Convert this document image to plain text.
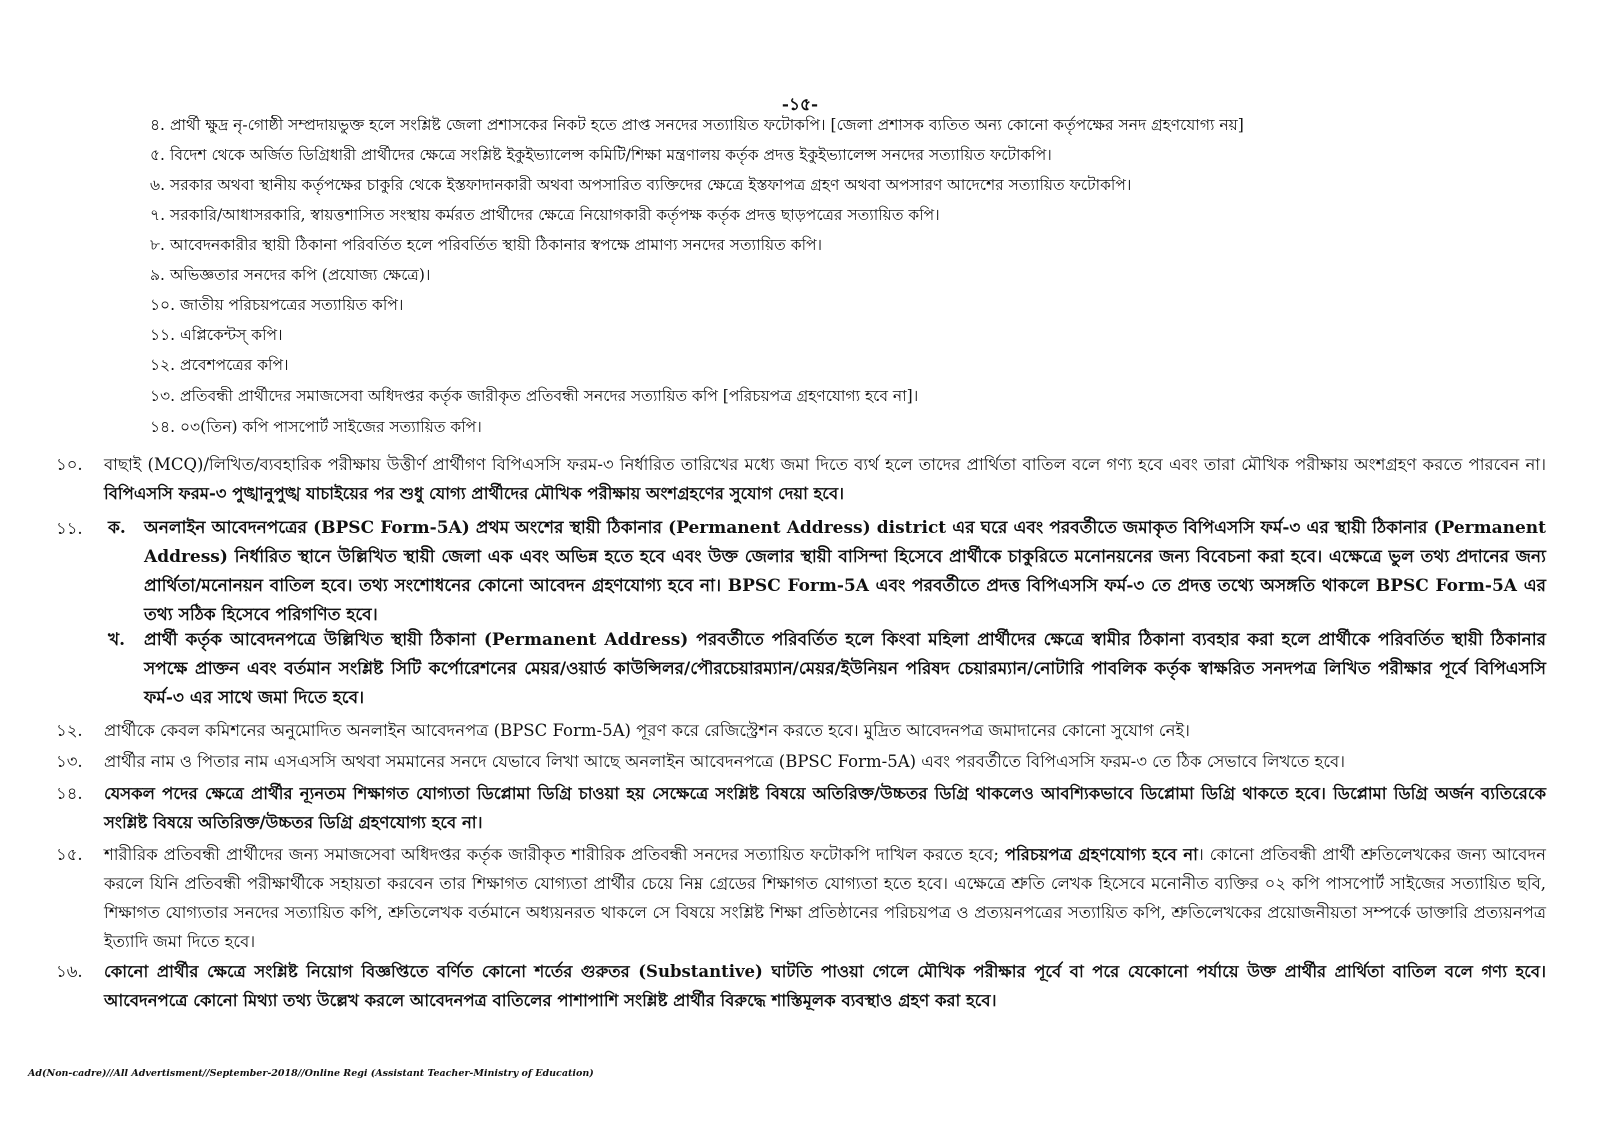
-১৫-
৪. প্রার্থী ক্ষুদ্র নৃ-গোষ্ঠী সম্প্রদায়ভুক্ত হলে সংশ্লিষ্ট জেলা প্রশাসকের নিকট হতে প্রাপ্ত সনদের সত্যায়িত ফটোকপি। [জেলা প্রশাসক ব্যতিত অন্য কোনো কর্তৃপক্ষের সনদ গ্রহণযোগ্য নয়]
৫. বিদেশ থেকে অর্জিত ডিগ্রিধারী প্রার্থীদের ক্ষেত্রে সংশ্লিষ্ট ইকুইভ্যালেন্স কমিটি/শিক্ষা মন্ত্রণালয় কর্তৃক প্রদত্ত ইকুইভ্যালেন্স সনদের সত্যায়িত ফটোকপি।
৬. সরকার অথবা স্থানীয় কর্তৃপক্ষের চাকুরি থেকে ইস্তফাদানকারী অথবা অপসারিত ব্যক্তিদের ক্ষেত্রে ইস্তফাপত্র গ্রহণ অথবা অপসারণ আদেশের সত্যায়িত ফটোকপি।
৭. সরকারি/আধাসরকারি, স্বায়ত্তশাসিত সংস্থায় কর্মরত প্রার্থীদের ক্ষেত্রে নিয়োগকারী কর্তৃপক্ষ কর্তৃক প্রদত্ত ছাড়পত্রের সত্যায়িত কপি।
৮. আবেদনকারীর স্থায়ী ঠিকানা পরিবর্তিত হলে পরিবর্তিত স্থায়ী ঠিকানার স্বপক্ষে প্রামাণ্য সনদের সত্যায়িত কপি।
৯. অভিজ্ঞতার সনদের কপি (প্রযোজ্য ক্ষেত্রে)।
১০. জাতীয় পরিচয়পত্রের সত্যায়িত কপি।
১১. এপ্লিকেন্টস্ কপি।
১২. প্রবেশপত্রের কপি।
১৩. প্রতিবন্ধী প্রার্থীদের সমাজসেবা অধিদপ্তর কর্তৃক জারীকৃত প্রতিবন্ধী সনদের সত্যায়িত কপি [পরিচয়পত্র গ্রহণযোগ্য হবে না]।
১৪. ০৩(তিন) কপি পাসপোর্ট সাইজের সত্যায়িত কপি।
১০. বাছাই (MCQ)/লিখিত/ব্যবহারিক পরীক্ষায় উত্তীর্ণ প্রার্থীগণ বিপিএসসি ফরম-৩ নির্ধারিত তারিখের মধ্যে জমা দিতে ব্যর্থ হলে তাদের প্রার্থিতা বাতিল বলে গণ্য হবে এবং তারা মৌখিক পরীক্ষায় অংশগ্রহণ করতে পারবেন না। বিপিএসসি ফরম-৩ পুঙ্খানুপুঙ্খ যাচাইয়ের পর শুধু যোগ্য প্রার্থীদের মৌখিক পরীক্ষায় অংশগ্রহণের সুযোগ দেয়া হবে।
১১. ক. অনলাইন আবেদনপত্রের (BPSC Form-5A) প্রথম অংশের স্থায়ী ঠিকানার (Permanent Address) district এর ঘরে এবং পরবর্তীতে জমাকৃত বিপিএসসি ফর্ম-৩ এর স্থায়ী ঠিকানার (Permanent Address) নির্ধারিত স্থানে উল্লিখিত স্থায়ী জেলা এক এবং অভিন্ন হতে হবে এবং উক্ত জেলার স্থায়ী বাসিন্দা হিসেবে প্রার্থীকে চাকুরিতে মনোনয়নের জন্য বিবেচনা করা হবে। এক্ষেত্রে ভুল তথ্য প্রদানের জন্য প্রার্থিতা/মনোনয়ন বাতিল হবে। তথ্য সংশোধনের কোনো আবেদন গ্রহণযোগ্য হবে না। BPSC Form-5A এবং পরবর্তীতে প্রদত্ত বিপিএসসি ফর্ম-৩ তে প্রদত্ত তথ্যে অসঙ্গতি থাকলে BPSC Form-5A এর তথ্য সঠিক হিসেবে পরিগণিত হবে।
খ. প্রার্থী কর্তৃক আবেদনপত্রে উল্লিখিত স্থায়ী ঠিকানা (Permanent Address) পরবর্তীতে পরিবর্তিত হলে কিংবা মহিলা প্রার্থীদের ক্ষেত্রে স্বামীর ঠিকানা ব্যবহার করা হলে প্রার্থীকে পরিবর্তিত স্থায়ী ঠিকানার সপক্ষে প্রাক্তন এবং বর্তমান সংশ্লিষ্ট সিটি কর্পোরেশনের মেয়র/ওয়ার্ড কাউন্সিলর/পৌরচেয়ারম্যান/মেয়র/ইউনিয়ন পরিষদ চেয়ারম্যান/নোটারি পাবলিক কর্তৃক স্বাক্ষরিত সনদপত্র লিখিত পরীক্ষার পূর্বে বিপিএসসি ফর্ম-৩ এর সাথে জমা দিতে হবে।
১২. প্রার্থীকে কেবল কমিশনের অনুমোদিত অনলাইন আবেদনপত্র (BPSC Form-5A) পূরণ করে রেজিস্ট্রেশন করতে হবে। মুদ্রিত আবেদনপত্র জমাদানের কোনো সুযোগ নেই।
১৩. প্রার্থীর নাম ও পিতার নাম এসএসসি অথবা সমমানের সনদে যেভাবে লিখা আছে অনলাইন আবেদনপত্রে (BPSC Form-5A) এবং পরবর্তীতে বিপিএসসি ফরম-৩ তে ঠিক সেভাবে লিখতে হবে।
১৪. যেসকল পদের ক্ষেত্রে প্রার্থীর ন্যূনতম শিক্ষাগত যোগ্যতা ডিপ্লোমা ডিগ্রি চাওয়া হয় সেক্ষেত্রে সংশ্লিষ্ট বিষয়ে অতিরিক্ত/উচ্চতর ডিগ্রি থাকলেও আবশ্যিকভাবে ডিপ্লোমা ডিগ্রি থাকতে হবে। ডিপ্লোমা ডিগ্রি অর্জন ব্যতিরেকে সংশ্লিষ্ট বিষয়ে অতিরিক্ত/উচ্চতর ডিগ্রি গ্রহণযোগ্য হবে না।
১৫. শারীরিক প্রতিবন্ধী প্রার্থীদের জন্য সমাজসেবা অধিদপ্তর কর্তৃক জারীকৃত শারীরিক প্রতিবন্ধী সনদের সত্যায়িত ফটোকপি দাখিল করতে হবে; পরিচয়পত্র গ্রহণযোগ্য হবে না। কোনো প্রতিবন্ধী প্রার্থী শ্রুতিলেখকের জন্য আবেদন করলে যিনি প্রতিবন্ধী পরীক্ষার্থীকে সহায়তা করবেন তার শিক্ষাগত যোগ্যতা প্রার্থীর চেয়ে নিম্ন গ্রেডের শিক্ষাগত যোগ্যতা হতে হবে। এক্ষেত্রে শ্রুতি লেখক হিসেবে মনোনীত ব্যক্তির ০২ কপি পাসপোর্ট সাইজের সত্যায়িত ছবি, শিক্ষাগত যোগ্যতার সনদের সত্যায়িত কপি, শ্রুতিলেখক বর্তমানে অধ্যয়নরত থাকলে সে বিষয়ে সংশ্লিষ্ট শিক্ষা প্রতিষ্ঠানের পরিচয়পত্র ও প্রত্যয়নপত্রের সত্যায়িত কপি, শ্রুতিলেখকের প্রয়োজনীয়তা সম্পর্কে ডাক্তারি প্রত্যয়নপত্র ইত্যাদি জমা দিতে হবে।
১৬. কোনো প্রার্থীর ক্ষেত্রে সংশ্লিষ্ট নিয়োগ বিজ্ঞপ্তিতে বর্ণিত কোনো শর্তের গুরুতর (Substantive) ঘাটতি পাওয়া গেলে মৌখিক পরীক্ষার পূর্বে বা পরে যেকোনো পর্যায়ে উক্ত প্রার্থীর প্রার্থিতা বাতিল বলে গণ্য হবে। আবেদনপত্রে কোনো মিথ্যা তথ্য উল্লেখ করলে আবেদনপত্র বাতিলের পাশাপাশি সংশ্লিষ্ট প্রার্থীর বিরুদ্ধে শাস্তিমূলক ব্যবস্থাও গ্রহণ করা হবে।
Ad(Non-cadre)//All Advertisment//September-2018//Online Regi (Assistant Teacher-Ministry of Education)
